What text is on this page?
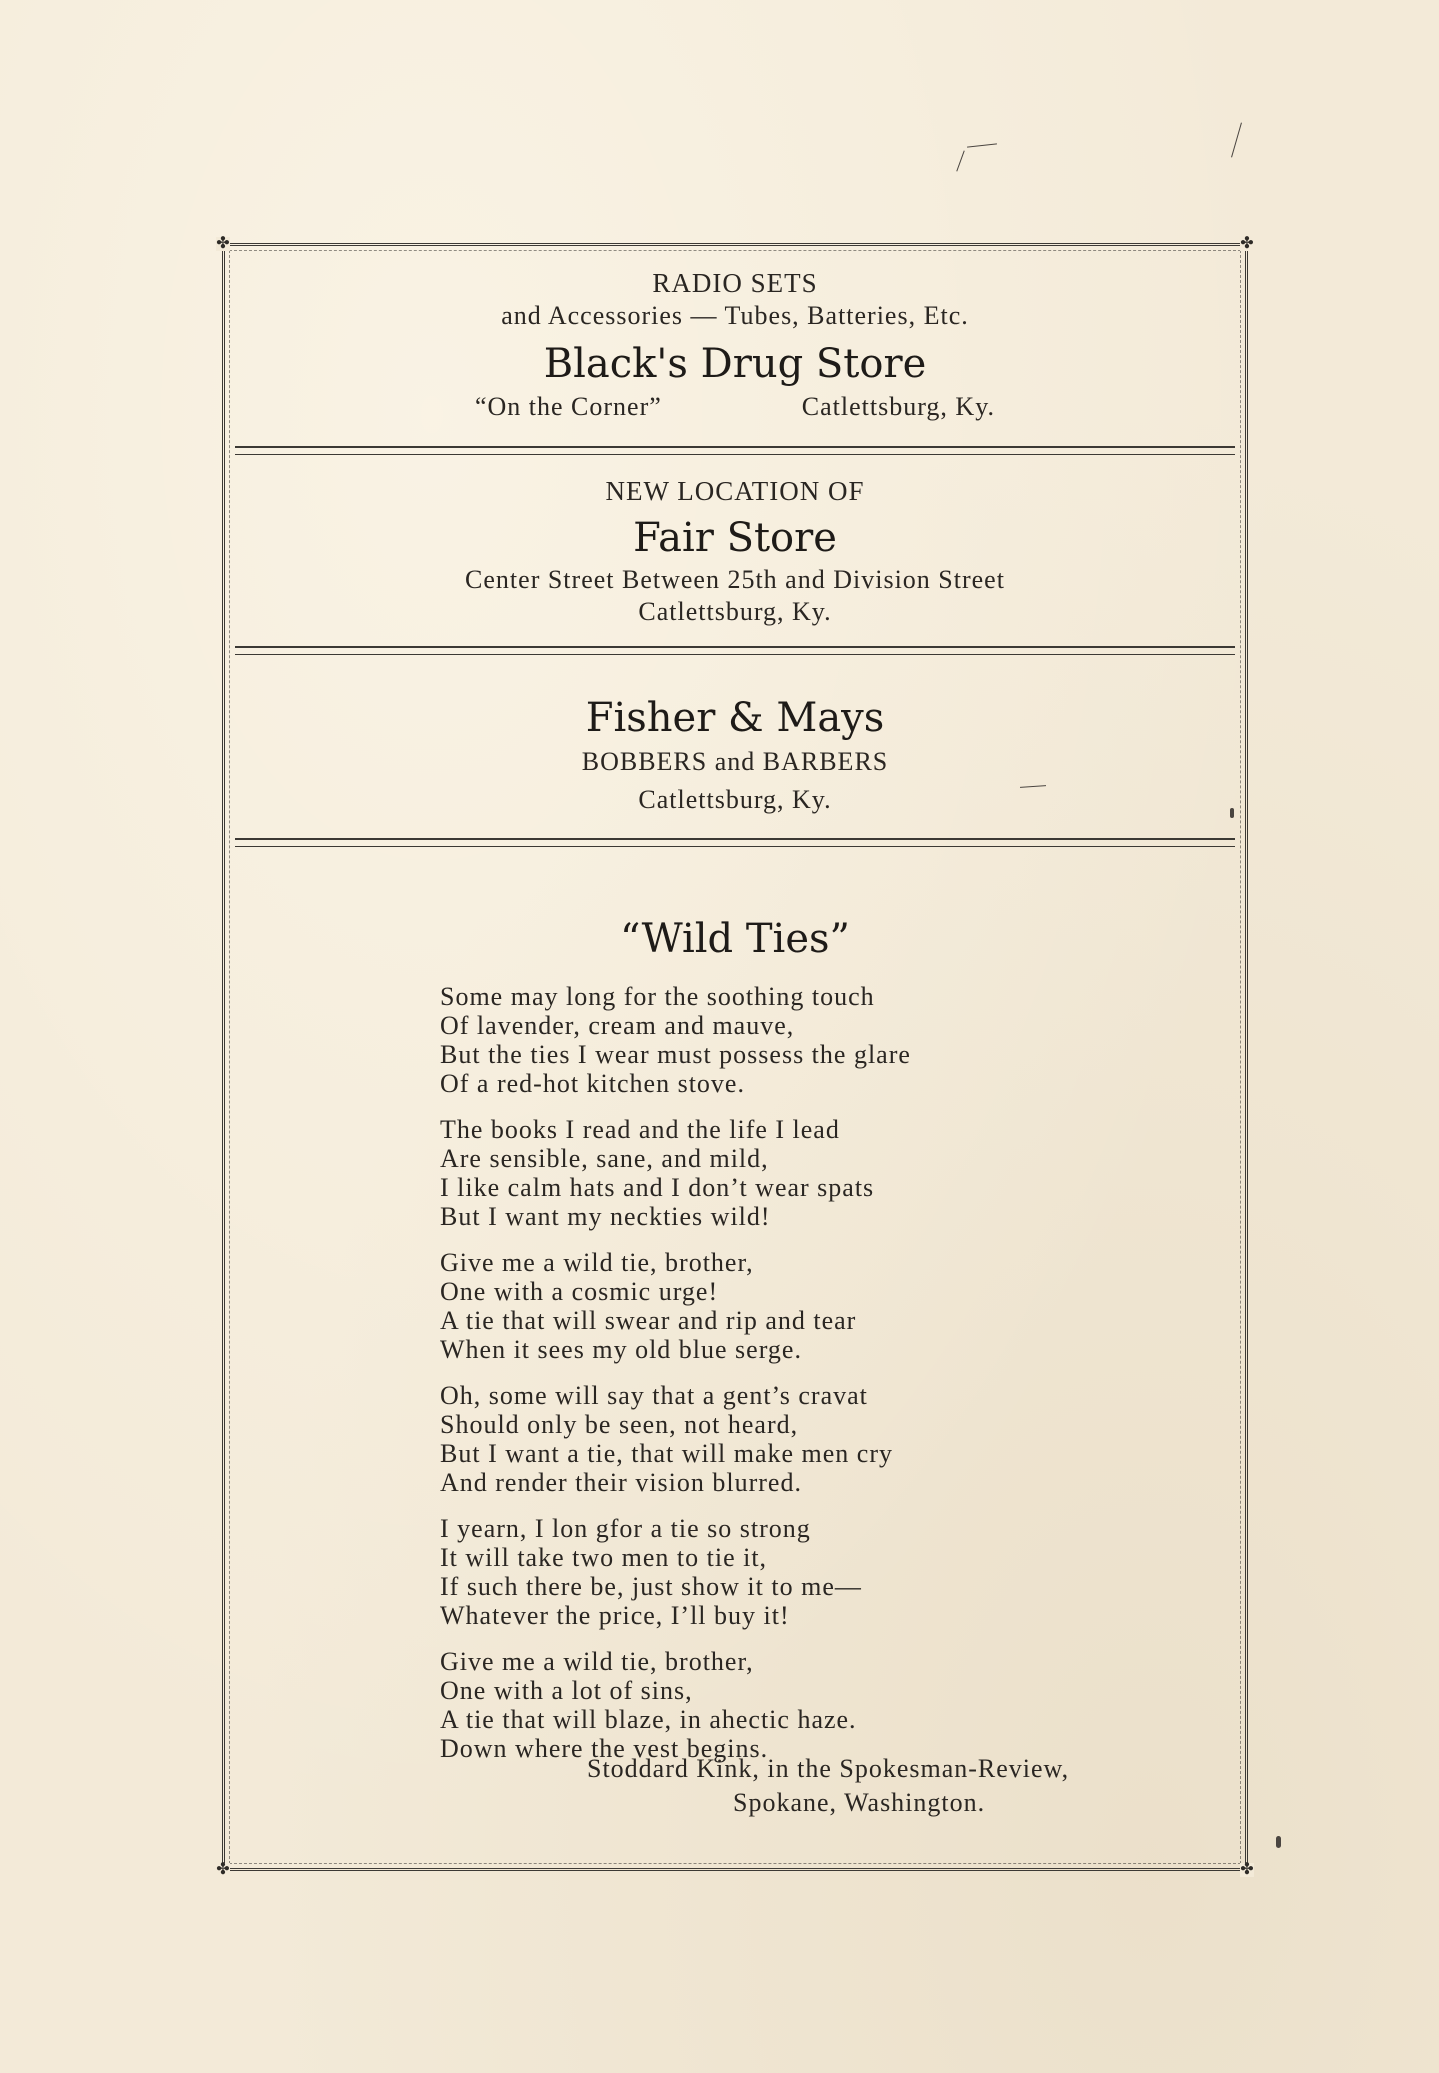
✤	✤
✤	✤
RADIO SETS
and Accessories — Tubes, Batteries, Etc.
Black's Drug Store
“On the Corner”	Catlettsburg, Ky.
NEW LOCATION OF
Fair Store
Center Street Between 25th and Division Street
Catlettsburg, Ky.
Fisher & Mays
BOBBERS and BARBERS
Catlettsburg, Ky.
“Wild Ties”
Some may long for the soothing touch
Of lavender, cream and mauve,
But the ties I wear must possess the glare
Of a red-hot kitchen stove.
The books I read and the life I lead
Are sensible, sane, and mild,
I like calm hats and I don’t wear spats
But I want my neckties wild!
Give me a wild tie, brother,
One with a cosmic urge!
A tie that will swear and rip and tear
When it sees my old blue serge.
Oh, some will say that a gent’s cravat
Should only be seen, not heard,
But I want a tie, that will make men cry
And render their vision blurred.
I yearn, I lon gfor a tie so strong
It will take two men to tie it,
If such there be, just show it to me—
Whatever the price, I’ll buy it!
Give me a wild tie, brother,
One with a lot of sins,
A tie that will blaze, in ahectic haze.
Down where the vest begins.
Stoddard Kink, in the Spokesman-Review,
Spokane, Washington.
